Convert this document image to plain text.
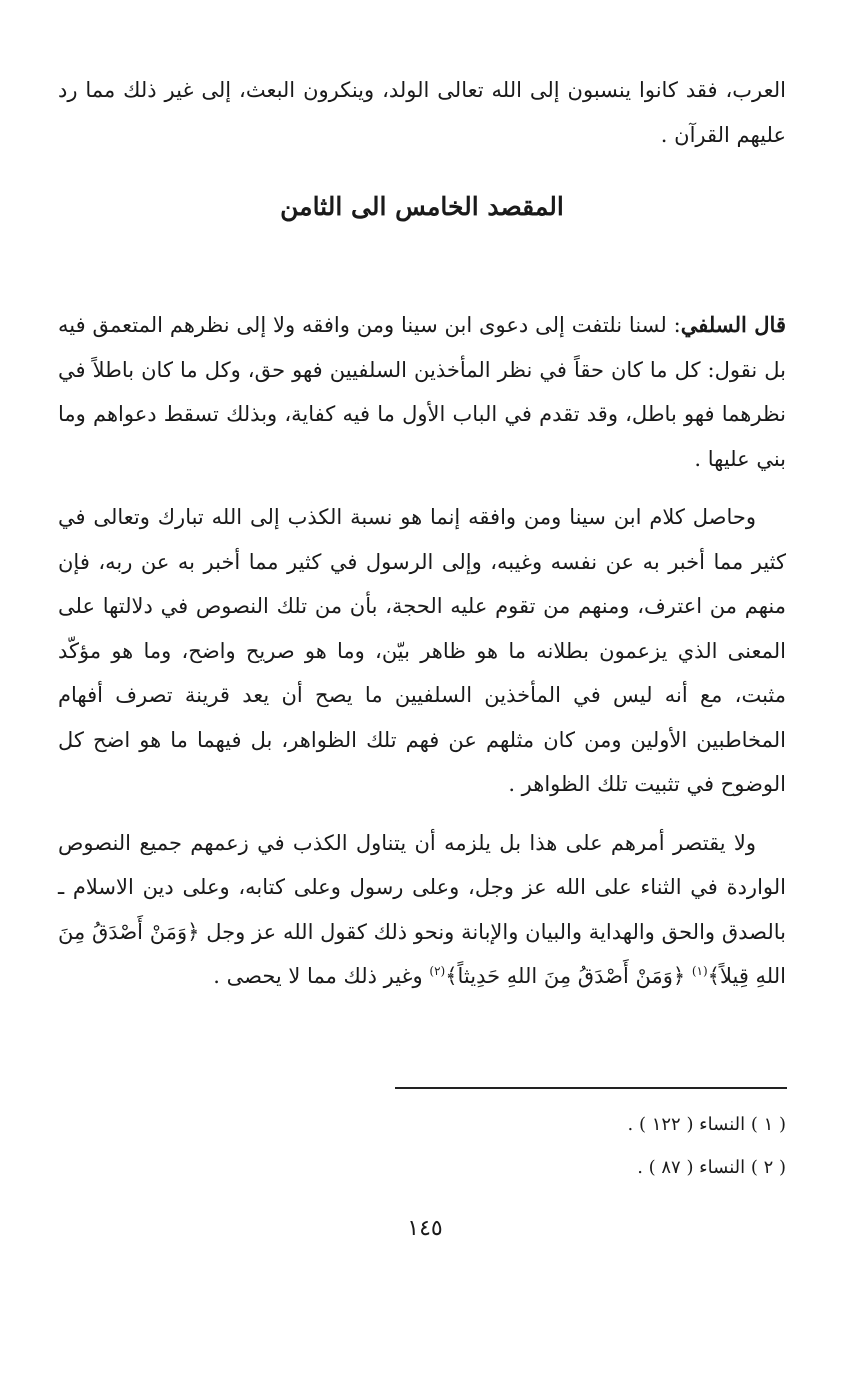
العرب، فقد كانوا ينسبون إلى الله تعالى الولد، وينكرون البعث، إلى غير ذلك مما رد عليهم القرآن .

المقصد الخامس الى الثامن

قال السلفي: لسنا نلتفت إلى دعوى ابن سينا ومن وافقه ولا إلى نظرهم المتعمق فيه بل نقول: كل ما كان حقاً في نظر المأخذين السلفيين فهو حق، وكل ما كان باطلاً في نظرهما فهو باطل، وقد تقدم في الباب الأول ما فيه كفاية، وبذلك تسقط دعواهم وما بني عليها .

وحاصل كلام ابن سينا ومن وافقه إنما هو نسبة الكذب إلى الله تبارك وتعالى في كثير مما أخبر به عن نفسه وغيبه، وإلى الرسول في كثير مما أخبر به عن ربه، فإن منهم من اعترف، ومنهم من تقوم عليه الحجة، بأن من تلك النصوص في دلالتها على المعنى الذي يزعمون بطلانه ما هو ظاهر بيّن، وما هو صريح واضح، وما هو مؤكّد مثبت، مع أنه ليس في المأخذين السلفيين ما يصح أن يعد قرينة تصرف أفهام المخاطبين الأولين ومن كان مثلهم عن فهم تلك الظواهر، بل فيهما ما هو اضح كل الوضوح في تثبيت تلك الظواهر .

ولا يقتصر أمرهم على هذا بل يلزمه أن يتناول الكذب في زعمهم جميع النصوص الواردة في الثناء على الله عز وجل، وعلى رسول وعلى كتابه، وعلى دين الاسلام ـ بالصدق والحق والهداية والبيان والإبانة ونحو ذلك كقول الله عز وجل ﴿وَمَنْ أَصْدَقُ مِنَ اللهِ قِيلاً﴾$^{(١)}$ ﴿وَمَنْ أَصْدَقُ مِنَ اللهِ حَدِيثاً﴾$^{(٢)}$ وغير ذلك مما لا يحصى .

( ١ ) النساء ( ١٢٢ ) .

( ٢ ) النساء ( ٨٧ ) .

١٤٥
